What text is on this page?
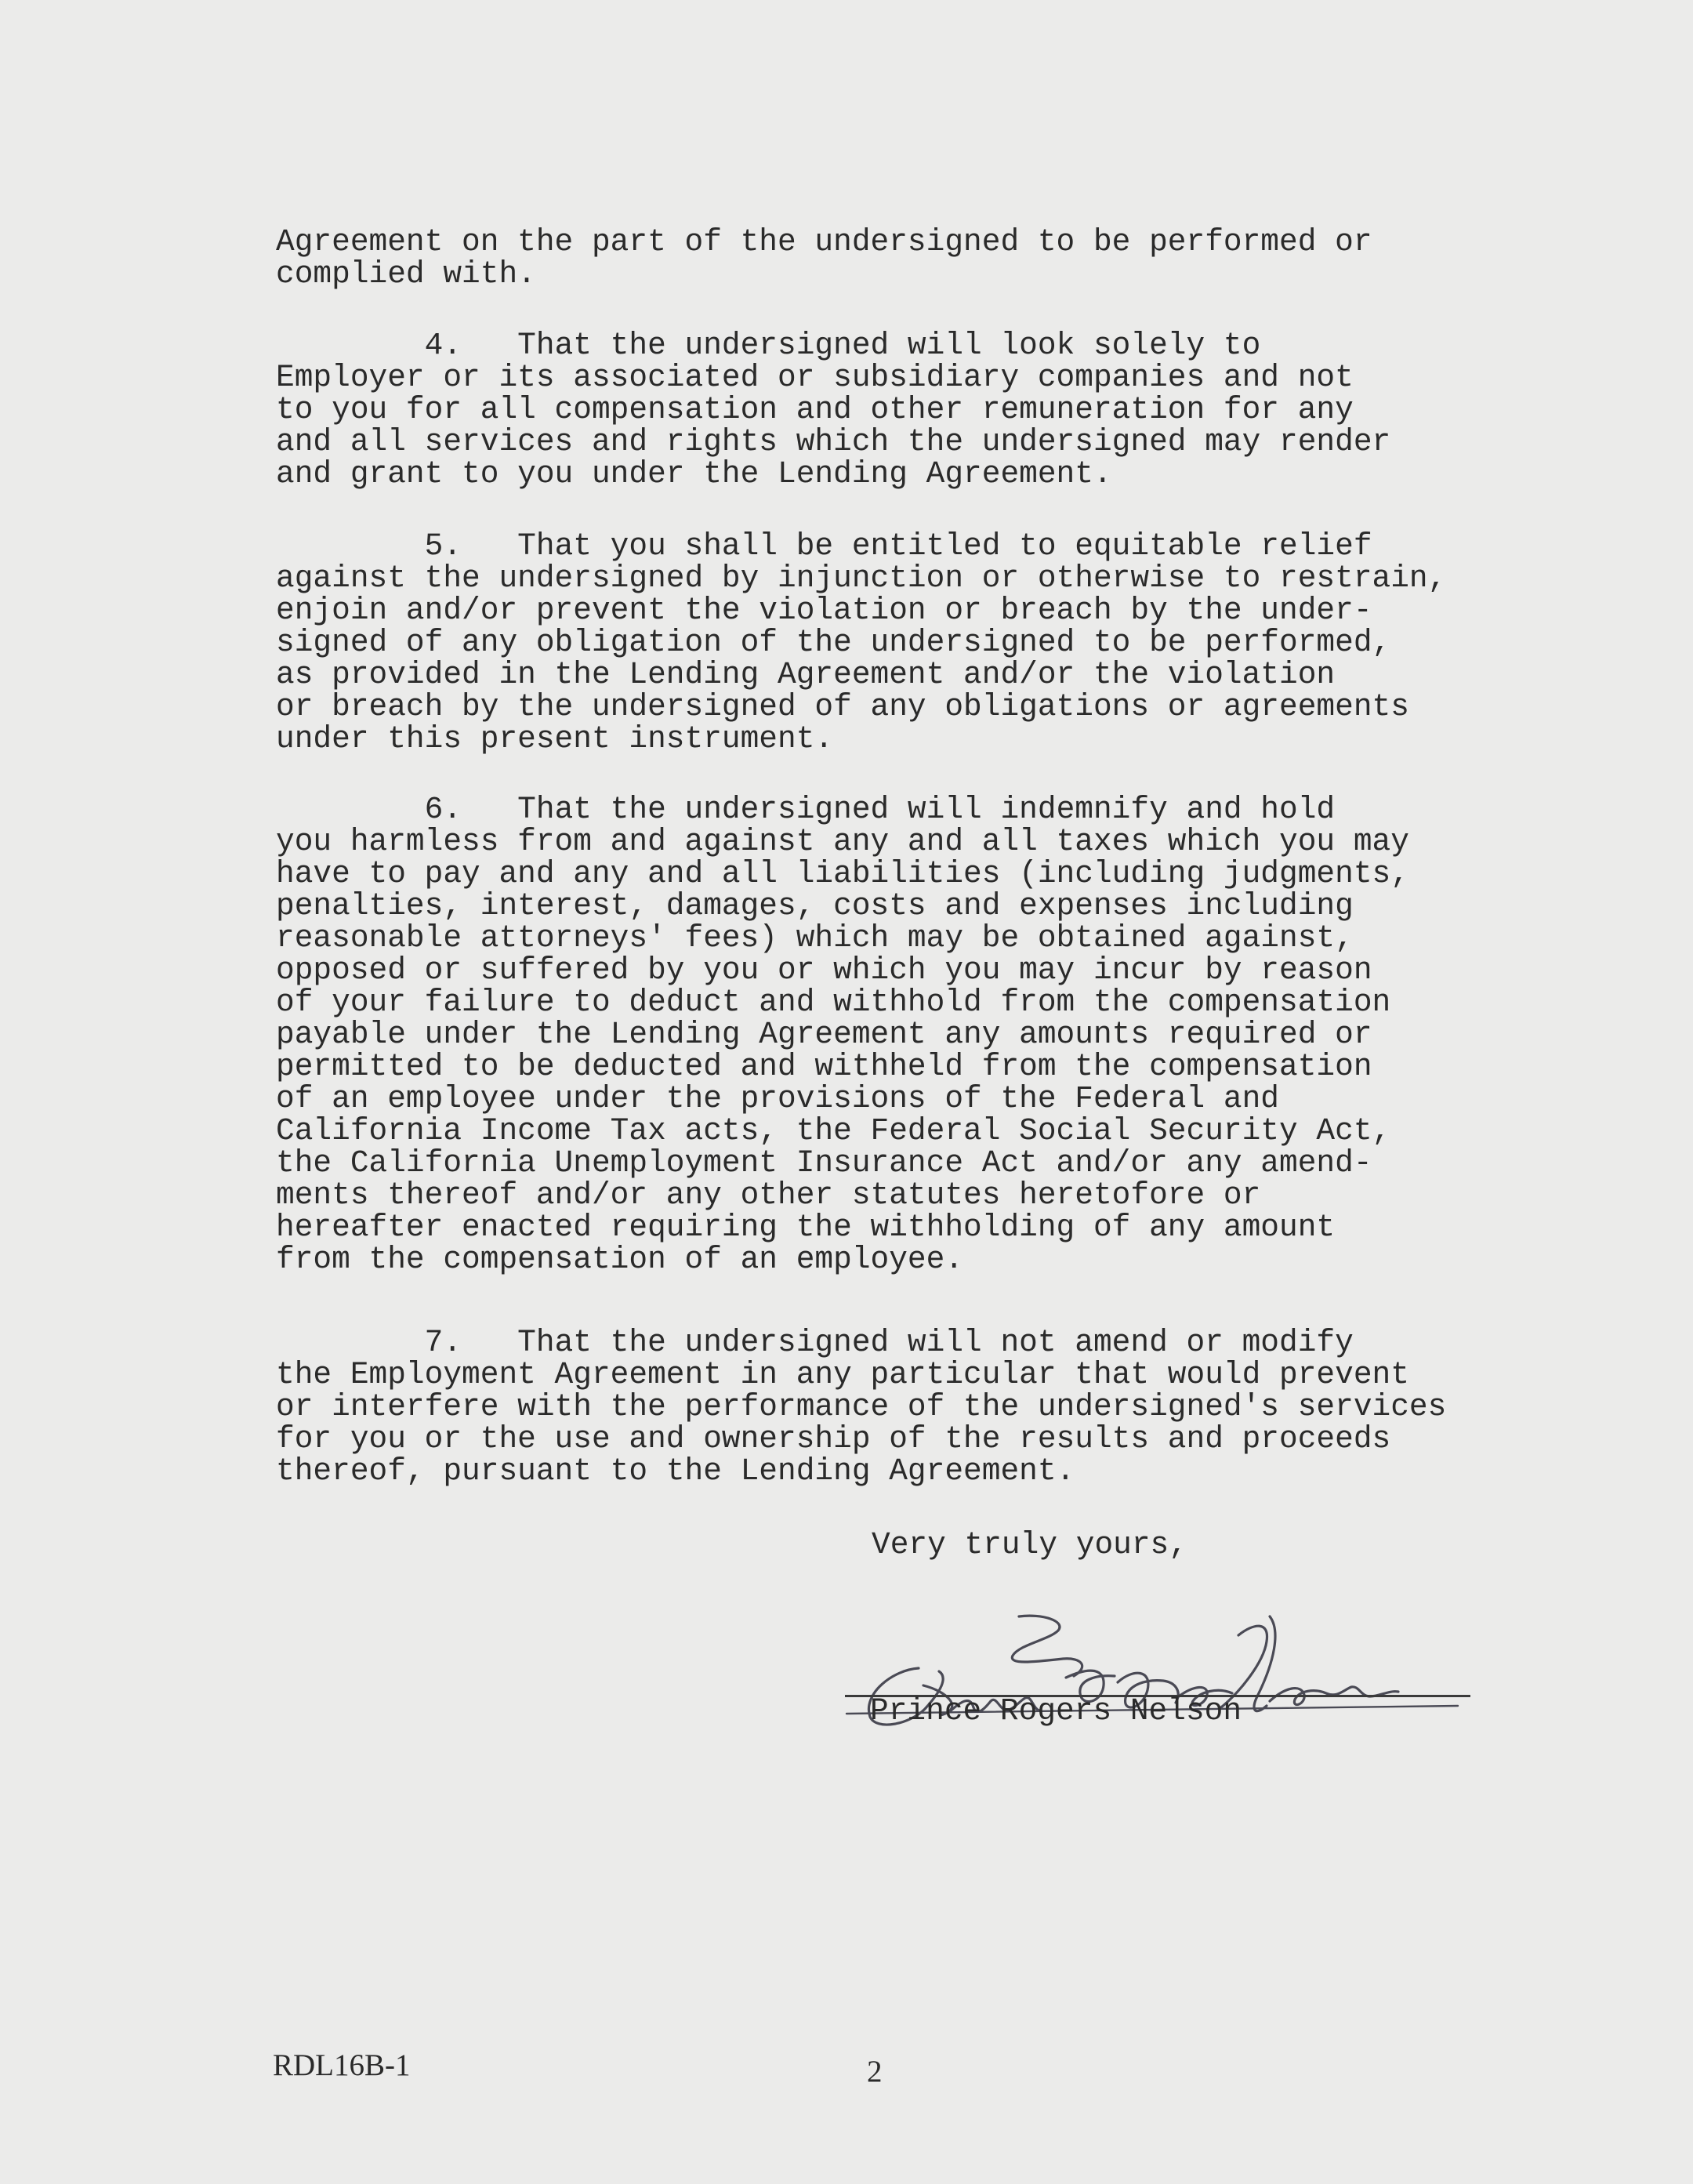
Agreement on the part of the undersigned to be performed or
complied with.

4.   That the undersigned will look solely to
Employer or its associated or subsidiary companies and not
to you for all compensation and other remuneration for any
and all services and rights which the undersigned may render
and grant to you under the Lending Agreement.

5.   That you shall be entitled to equitable relief
against the undersigned by injunction or otherwise to restrain,
enjoin and/or prevent the violation or breach by the under-
signed of any obligation of the undersigned to be performed,
as provided in the Lending Agreement and/or the violation
or breach by the undersigned of any obligations or agreements
under this present instrument.

6.   That the undersigned will indemnify and hold
you harmless from and against any and all taxes which you may
have to pay and any and all liabilities (including judgments,
penalties, interest, damages, costs and expenses including
reasonable attorneys' fees) which may be obtained against,
opposed or suffered by you or which you may incur by reason
of your failure to deduct and withhold from the compensation
payable under the Lending Agreement any amounts required or
permitted to be deducted and withheld from the compensation
of an employee under the provisions of the Federal and
California Income Tax acts, the Federal Social Security Act,
the California Unemployment Insurance Act and/or any amend-
ments thereof and/or any other statutes heretofore or
hereafter enacted requiring the withholding of any amount
from the compensation of an employee.

7.   That the undersigned will not amend or modify
the Employment Agreement in any particular that would prevent
or interfere with the performance of the undersigned's services
for you or the use and ownership of the results and proceeds
thereof, pursuant to the Lending Agreement.

Very truly yours,
Prince Rogers Nelson
RDL16B-1	2
